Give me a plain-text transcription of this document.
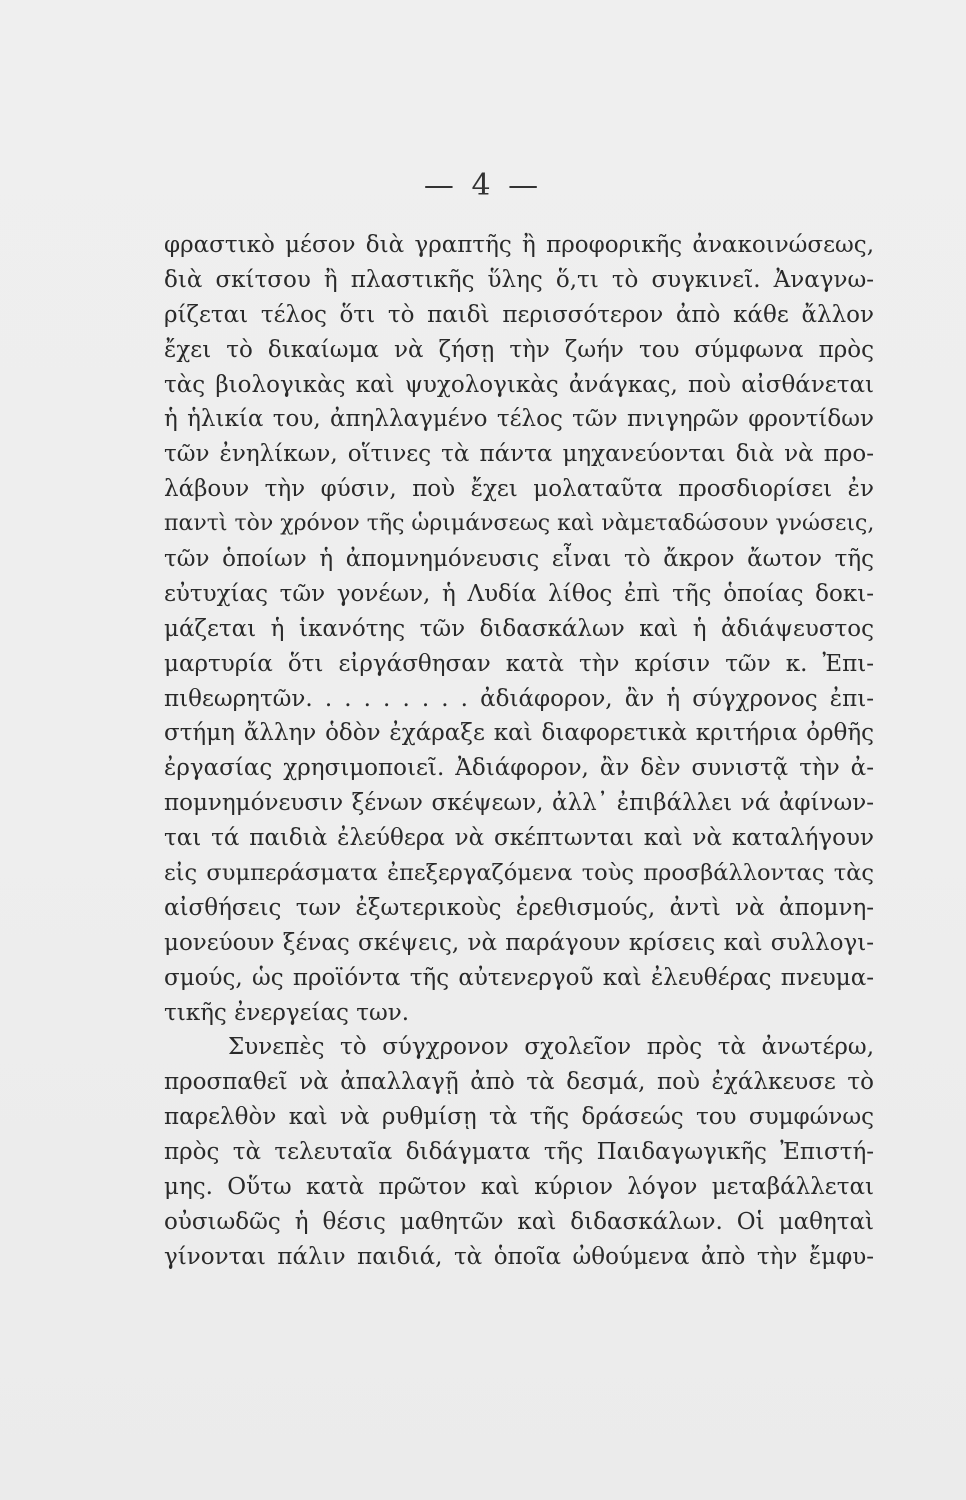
— 4 —
φραστικὸ μέσον διὰ γραπτῆς ἢ προφορικῆς ἀνακοινώσεως,
διὰ σκίτσου ἢ πλαστικῆς ὕλης ὅ,τι τὸ συγκινεῖ. Ἀναγνω-
ρίζεται τέλος ὅτι τὸ παιδὶ περισσότερον ἀπὸ κάθε ἄλλον
ἔχει τὸ δικαίωμα νὰ ζήσῃ τὴν ζωήν του σύμφωνα πρὸς
τὰς βιολογικὰς καὶ ψυχολογικὰς ἀνάγκας, ποὺ αἰσθάνεται
ἡ ἡλικία του, ἀπηλλαγμένο τέλος τῶν πνιγηρῶν φροντίδων
τῶν ἐνηλίκων, οἵτινες τὰ πάντα μηχανεύονται διὰ νὰ προ-
λάβουν τὴν φύσιν, ποὺ ἔχει μολαταῦτα προσδιορίσει ἐν
παντὶ τὸν χρόνον τῆς ὡριμάνσεως καὶ νὰμεταδώσουν γνώσεις,
τῶν ὁποίων ἡ ἀπομνημόνευσις εἶναι τὸ ἄκρον ἄωτον τῆς
εὐτυχίας τῶν γονέων, ἡ Λυδία λίθος ἐπὶ τῆς ὁποίας δοκι-
μάζεται ἡ ἱκανότης τῶν διδασκάλων καὶ ἡ ἀδιάψευστος
μαρτυρία ὅτι εἰργάσθησαν κατὰ τὴν κρίσιν τῶν κ. Ἐπι-
πιθεωρητῶν. . . . . . . . . ἀδιάφορον, ἂν ἡ σύγχρονος ἐπι-
στήμη ἄλλην ὁδὸν ἐχάραξε καὶ διαφορετικὰ κριτήρια ὀρθῆς
ἐργασίας χρησιμοποιεῖ. Ἀδιάφορον, ἂν δὲν συνιστᾷ τὴν ἀ-
πομνημόνευσιν ξένων σκέψεων, ἀλλ᾿ ἐπιβάλλει νά ἀφίνων-
ται τά παιδιὰ ἐλεύθερα νὰ σκέπτωνται καὶ νὰ καταλήγουν
εἰς συμπεράσματα ἐπεξεργαζόμενα τοὺς προσβάλλοντας τὰς
αἰσθήσεις των ἐξωτερικοὺς ἐρεθισμούς, ἀντὶ νὰ ἀπομνη-
μονεύουν ξένας σκέψεις, νὰ παράγουν κρίσεις καὶ συλλογι-
σμούς, ὡς προϊόντα τῆς αὐτενεργοῦ καὶ ἐλευθέρας πνευμα-
τικῆς ἐνεργείας των.
Συνεπὲς τὸ σύγχρονον σχολεῖον πρὸς τὰ ἀνωτέρω,
προσπαθεῖ νὰ ἀπαλλαγῇ ἀπὸ τὰ δεσμά, ποὺ ἐχάλκευσε τὸ
παρελθὸν καὶ νὰ ρυθμίσῃ τὰ τῆς δράσεώς του συμφώνως
πρὸς τὰ τελευταῖα διδάγματα τῆς Παιδαγωγικῆς Ἐπιστή-
μης. Οὕτω κατὰ πρῶτον καὶ κύριον λόγον μεταβάλλεται
οὐσιωδῶς ἡ θέσις μαθητῶν καὶ διδασκάλων. Οἱ μαθηταὶ
γίνονται πάλιν παιδιά, τὰ ὁποῖα ὠθούμενα ἀπὸ τὴν ἔμφυ-
